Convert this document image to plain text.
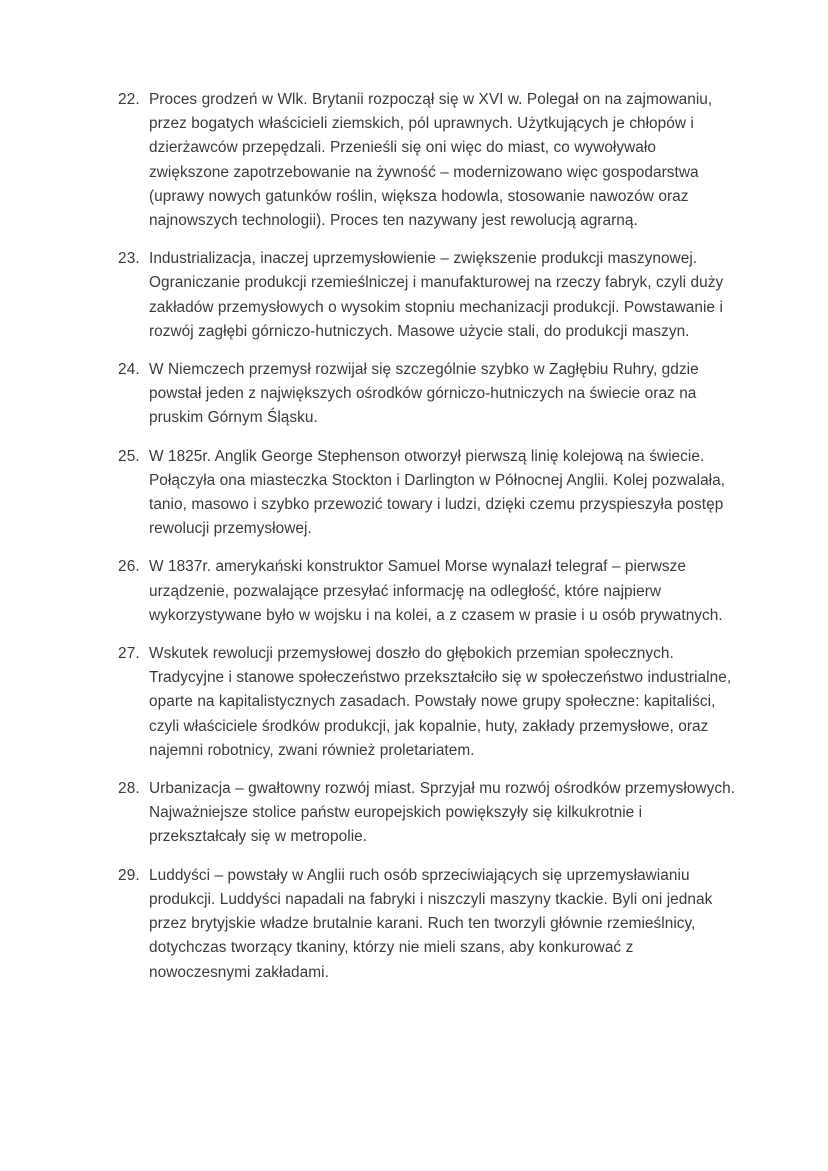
22. Proces grodzeń w Wlk. Brytanii rozpoczął się w XVI w. Polegał on na zajmowaniu, przez bogatych właścicieli ziemskich, pól uprawnych. Użytkujących je chłopów i dzierżawców przepędzali. Przenieśli się oni więc do miast, co wywoływało zwiększone zapotrzebowanie na żywność – modernizowano więc gospodarstwa (uprawy nowych gatunków roślin, większa hodowla, stosowanie nawozów oraz najnowszych technologii). Proces ten nazywany jest rewolucją agrarną.
23. Industrializacja, inaczej uprzemysłowienie – zwiększenie produkcji maszynowej. Ograniczanie produkcji rzemieślniczej i manufakturowej na rzeczy fabryk, czyli duży zakładów przemysłowych o wysokim stopniu mechanizacji produkcji. Powstawanie i rozwój zagłębi górniczo-hutniczych. Masowe użycie stali, do produkcji maszyn.
24. W Niemczech przemysł rozwijał się szczególnie szybko w Zagłębiu Ruhry, gdzie powstał jeden z największych ośrodków górniczo-hutniczych na świecie oraz na pruskim Górnym Śląsku.
25. W 1825r. Anglik George Stephenson otworzył pierwszą linię kolejową na świecie. Połączyła ona miasteczka Stockton i Darlington w Północnej Anglii. Kolej pozwalała, tanio, masowo i szybko przewozić towary i ludzi, dzięki czemu przyspieszyła postęp rewolucji przemysłowej.
26. W 1837r. amerykański konstruktor Samuel Morse wynalazł telegraf – pierwsze urządzenie, pozwalające przesyłać informację na odległość, które najpierw wykorzystywane było w wojsku i na kolei, a z czasem w prasie i u osób prywatnych.
27. Wskutek rewolucji przemysłowej doszło do głębokich przemian społecznych. Tradycyjne i stanowe społeczeństwo przekształciło się w społeczeństwo industrialne, oparte na kapitalistycznych zasadach. Powstały nowe grupy społeczne: kapitaliści, czyli właściciele środków produkcji, jak kopalnie, huty, zakłady przemysłowe, oraz najemni robotnicy, zwani również proletariatem.
28. Urbanizacja – gwałtowny rozwój miast. Sprzyjał mu rozwój ośrodków przemysłowych. Najważniejsze stolice państw europejskich powiększyły się kilkukrotnie i przekształcały się w metropolie.
29. Luddyści – powstały w Anglii ruch osób sprzeciwiających się uprzemysławianiu produkcji. Luddyści napadali na fabryki i niszczyli maszyny tkackie. Byli oni jednak przez brytyjskie władze brutalnie karani. Ruch ten tworzyli głównie rzemieślnicy, dotychczas tworzący tkaniny, którzy nie mieli szans, aby konkurować z nowoczesnymi zakładami.
